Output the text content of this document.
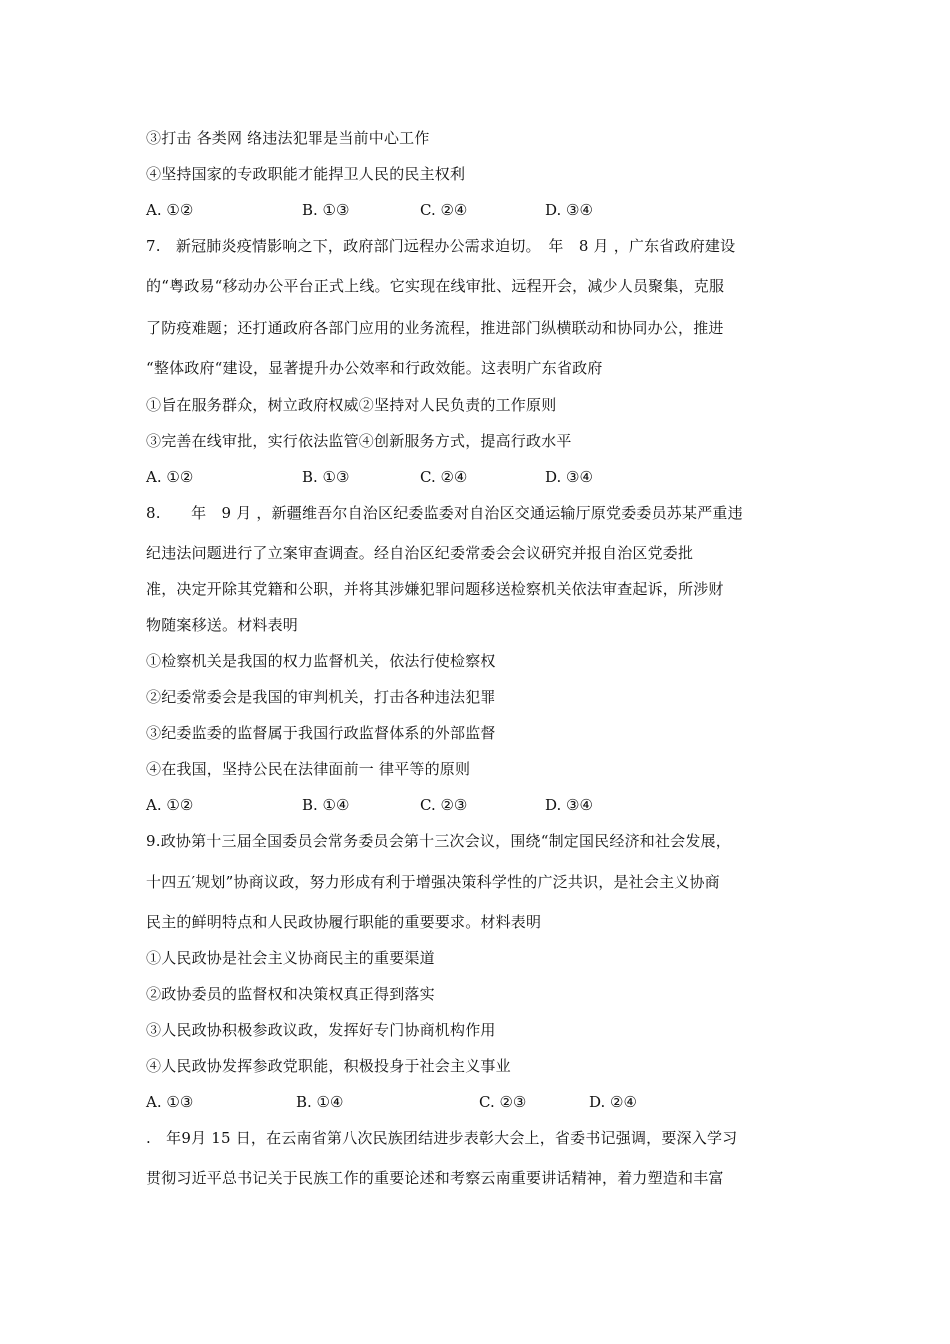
③打击 各类网 络违法犯罪是当前中心工作
④坚持国家的专政职能才能捍卫人民的民主权利
A. ①②	B. ①③	C. ②④	D. ③④
7.　新冠肺炎疫情影响之下，政府部门远程办公需求迫切。　年　8 月 ，广东省政府建设
的“粤政易“移动办公平台正式上线。它实现在线审批、远程开会，减少人员聚集，克服
了防疫难题；还打通政府各部门应用的业务流程，推进部门纵横联动和协同办公，推进
“整体政府“建设，显著提升办公效率和行政效能。这表明广东省政府
①旨在服务群众，树立政府权威②坚持对人民负责的工作原则
③完善在线审批，实行依法监管④创新服务方式，提高行政水平
A. ①②	B. ①③	C. ②④	D. ③④
8.　　年　9 月 ，新疆维吾尔自治区纪委监委对自治区交通运输厅原党委委员苏某严重违
纪违法问题进行了立案审查调查。经自治区纪委常委会会议研究并报自治区党委批
准，决定开除其党籍和公职，并将其涉嫌犯罪问题移送检察机关依法审查起诉，所涉财
物随案移送。材料表明
①检察机关是我国的权力监督机关，依法行使检察权
②纪委常委会是我国的审判机关，打击各种违法犯罪
③纪委监委的监督属于我国行政监督体系的外部监督
④在我国，坚持公民在法律面前一 律平等的原则
A. ①②	B. ①④	C. ②③	D. ③④
9.政协第十三届全国委员会常务委员会第十三次会议，围绕“制定国民经济和社会发展，
十四五′规划”协商议政，努力形成有利于增强决策科学性的广泛共识，是社会主义协商
民主的鲜明特点和人民政协履行职能的重要要求。材料表明
①人民政协是社会主义协商民主的重要渠道
②政协委员的监督权和决策权真正得到落实
③人民政协积极参政议政，发挥好专门协商机构作用
④人民政协发挥参政党职能，积极投身于社会主义事业
A. ①③	B. ①④	C. ②③	D. ②④
.　年9月 15 日，在云南省第八次民族团结进步表彰大会上，省委书记强调，要深入学习
贯彻习近平总书记关于民族工作的重要论述和考察云南重要讲话精神，着力塑造和丰富
